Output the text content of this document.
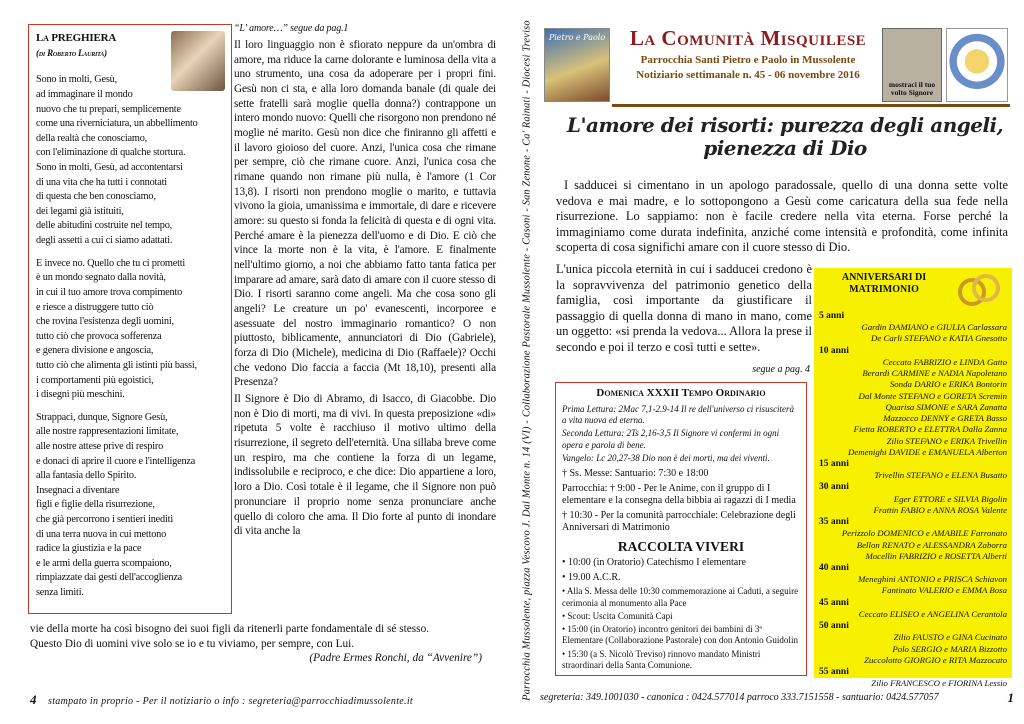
La PREGHIERA
(di Roberto Laurita)

Sono in molti, Gesù,
ad immaginare il mondo
nuovo che tu prepari, semplicemente
come una riverniciatura, un abbellimento
della realtà che conosciamo,
con l'eliminazione di qualche stortura.
Sono in molti, Gesù, ad accontentarsi
di una vita che ha tutti i connotati
di questa che ben conosciamo,
dei legami già istituiti,
delle abitudini costruite nel tempo,
degli assetti a cui ci siamo adattati.

E invece no. Quello che tu ci prometti
è un mondo segnato dalla novità,
in cui il tuo amore trova compimento
e riesce a distruggere tutto ciò
che rovina l'esistenza degli uomini,
tutto ciò che provoca sofferenza
e genera divisione e angoscia,
tutto ciò che alimenta gli istinti più bassi,
i comportamenti più egoistici,
i disegni più meschini.

Strappaci, dunque, Signore Gesù,
alle nostre rappresentazioni limitate,
alle nostre attese prive di respiro
e donaci di aprire il cuore e l'intelligenza
alla fantasia dello Spirito.
Insegnaci a diventare
figli e figlie della risurrezione,
che già percorrono i sentieri inediti
di una terra nuova in cui mettono
radice la giustizia e la pace
e le armi della guerra scompaiono,
rimpiazzate dai gesti dell'accoglienza
senza limiti.

“L' amore…” segue da pag.1

Il loro linguaggio non è sfiorato neppure da un'ombra di amore, ma riduce la carne dolorante e luminosa della vita a uno strumento, una cosa da adoperare per i propri fini. Gesù non ci sta, e alla loro domanda banale (di quale dei sette fratelli sarà moglie quella donna?) contrappone un intero mondo nuovo: Quelli che risorgono non prendono né moglie né marito. Gesù non dice che finiranno gli affetti e il lavoro gioioso del cuore. Anzi, l'unica cosa che rimane per sempre, ciò che rimane cuore. Anzi, l'unica cosa che rimane quando non rimane più nulla, è l'amore (1 Cor 13,8). I risorti non prendono moglie o marito, e tuttavia vivono la gioia, umanissima e immortale, di dare e ricevere amore: su questo si fonda la felicità di questa e di ogni vita. Perché amare è la pienezza dell'uomo e di Dio. E ciò che vince la morte non è la vita, è l'amore. E finalmente nell'ultimo giorno, a noi che abbiamo fatto tanta fatica per imparare ad amare, sarà dato di amare con il cuore stesso di Dio. I risorti saranno come angeli. Ma che cosa sono gli angeli? Le creature un po' evanescenti, incorporee e asessuate del nostro immaginario romantico? O non piuttosto, biblicamente, annunciatori di Dio (Gabriele), forza di Dio (Michele), medicina di Dio (Raffaele)? Occhi che vedono Dio faccia a faccia (Mt 18,10), presenti alla Presenza?

Il Signore è Dio di Abramo, di Isacco, di Giacobbe. Dio non è Dio di morti, ma di vivi. In questa preposizione «di» ripetuta 5 volte è racchiuso il motivo ultimo della risurrezione, il segreto dell'eternità. Una sillaba breve come un respiro, ma che contiene la forza di un legame, indissolubile e reciproco, e che dice: Dio appartiene a loro, loro a Dio. Così totale è il legame, che il Signore non può pronunciare il proprio nome senza pronunciare anche quello di coloro che ama. Il Dio forte al punto di inondare di vita anche la

vie della morte ha così bisogno dei suoi figli da ritenerli parte fondamentale di sé stesso.
Questo Dio di uomini vive solo se io e tu viviamo, per sempre, con Lui.
(Padre Ermes Ronchi, da “Avvenire”)
4 stampato in proprio - Per il notiziario o info : segreteria@parrocchiadimussolente.it
Parrocchia Mussolente, piazza Vescovo J. Dal Monte n. 14 (VI) - Collaborazione Pastorale Mussolente - Casoni - San Zenone - Ca' Rainati - Diocesi Treviso	Pietro e Paolo	La Comunità Misquilese
Parrocchia Santi Pietro e Paolo in Mussolente
Notiziario settimanale n. 45 - 06 novembre 2016
mostraci il tuo volto Signore
L'amore dei risorti: purezza degli angeli, pienezza di Dio

I sadducei si cimentano in un apologo paradossale, quello di una donna sette volte vedova e mai madre, e lo sottopongono a Gesù come caricatura della sua fede nella risurrezione. Lo sappiamo: non è facile credere nella vita eterna. Forse perché la immaginiamo come durata indefinita, anziché come intensità e profondità, come infinita scoperta di cosa significhi amare con il cuore stesso di Dio.

L'unica piccola eternità in cui i sadducei credono è la sopravvivenza del patrimonio genetico della famiglia, così importante da giustificare il passaggio di quella donna di mano in mano, come un oggetto: «si prenda la vedova... Allora la prese il secondo e poi il terzo e così tutti e sette».

segue a pag. 4
Domenica XXXII Tempo Ordinario
Prima Lettura: 2Mac 7,1-2.9-14 Il re dell'universo ci risusciterà a vita nuova ed eterna.
Seconda Lettura: 2Ts 2,16-3,5 Il Signore vi confermi in ogni opera e parola di bene.
Vangelo: Lc 20,27-38 Dio non è dei morti, ma dei viventi.
† Ss. Messe: Santuario: 7:30 e 18:00
Parrocchia: † 9:00 - Per le Anime, con il gruppo di I elementare e la consegna della bibbia ai ragazzi di I media
† 10:30 - Per la comunità parrocchiale: Celebrazione degli Anniversari di Matrimonio
RACCOLTA VIVERI
• 10:00 (in Oratorio) Catechismo I elementare
• 19.00 A.C.R.
• Alla S. Messa delle 10:30 commemorazione ai Caduti, a seguire cerimonia al monumento alla Pace
• Scout: Uscita Comunità Capi
• 15:00 (in Oratorio) incontro genitori dei bambini di 3ª Elementare (Collaborazione Pastorale) con don Antonio Guidolin
• 15:30 (a S. Nicolò Treviso) rinnovo mandato Ministri straordinari della Santa Comunione.
ANNIVERSARI DI MATRIMONIO
5 anni
Gardin DAMIANO e GIULIA Carlassara
De Carli STEFANO e KATIA Gnesotto
10 anni
Ceccato FABRIZIO e LINDA Gatto
Berardi CARMINE e NADIA Napoletano
Sonda DARIO e ERIKA Bontorin
Dal Monte STEFANO e GORETA Scremin
Quarisa SIMONE e SARA Zanatta
Mazzocco DENNY e GRETA Basso
Fietta ROBERTO e ELETTRA Dalla Zanna
Zilio STEFANO e ERIKA Trivellin
Demenighi DAVIDE e EMANUELA Alberton
15 anni
Trivellin STEFANO e ELENA Busatto
30 anni
Eger ETTORE e SILVIA Bigolin
Frattin FABIO e ANNA ROSA Valente
35 anni
Perizzolo DOMENICO e AMABILE Farronato
Bellon RENATO e ALESSANDRA Zaborra
Mocellin FABRIZIO e ROSETTA Alberti
40 anni
Meneghini ANTONIO e PRISCA Schiavon
Fantinato VALERIO e EMMA Bosa
45 anni
Ceccato ELISEO e ANGELINA Cerantola
50 anni
Zilio FAUSTO e GINA Cucinato
Polo SERGIO e MARIA Bizzotto
Zuccolotto GIORGIO e RITA Mazzocato
55 anni
Zilio FRANCESCO e FIORINA Lessio
segreteria: 349.1001030 - canonica : 0424.577014 parroco 333.7151558 - santuario: 0424.577057	1
